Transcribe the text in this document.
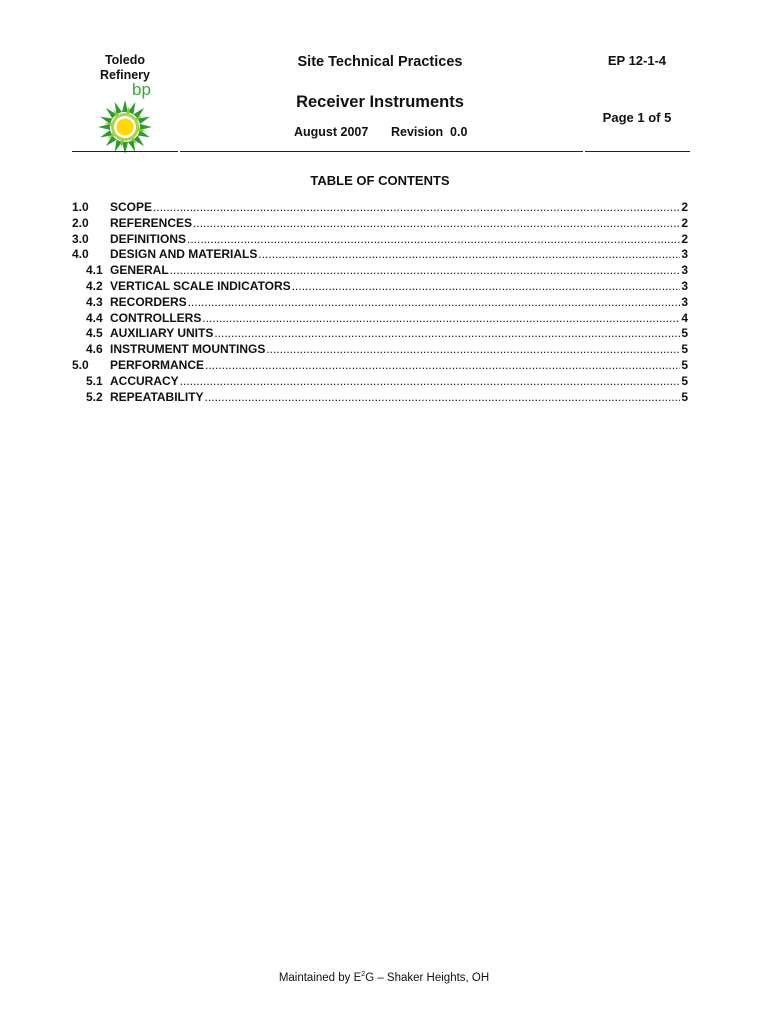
Toledo
Refinery
bp
Site Technical Practices
Receiver Instruments
August 2007 Revision  0.0
EP 12-1-4
Page 1 of 5
TABLE OF CONTENTS
1.0	SCOPE .....	2
2.0	REFERENCES .....	2
3.0	DEFINITIONS .....	2
4.0	DESIGN AND MATERIALS .....	3
4.1 GENERAL .....	3
4.2 VERTICAL SCALE INDICATORS .....	3
4.3 RECORDERS .....	3
4.4 CONTROLLERS .....	4
4.5 AUXILIARY UNITS .....	5
4.6 INSTRUMENT MOUNTINGS .....	5
5.0	PERFORMANCE .....	5
5.1 ACCURACY .....	5
5.2 REPEATABILITY .....	5
Maintained by $E^2G$ – Shaker Heights, OH
